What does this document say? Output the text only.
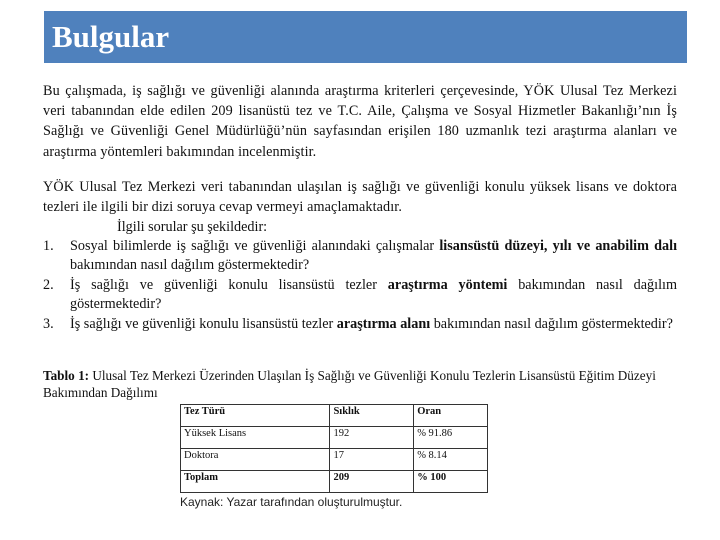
Bulgular

Bu çalışmada, iş sağlığı ve güvenliği alanında araştırma kriterleri çerçevesinde, YÖK Ulusal Tez Merkezi veri tabanından elde edilen 209 lisanüstü tez ve T.C. Aile, Çalışma ve Sosyal Hizmetler Bakanlığı’nın İş Sağlığı ve Güvenliği Genel Müdürlüğü’nün sayfasından erişilen 180 uzmanlık tezi araştırma alanları ve araştırma yöntemleri bakımından incelenmiştir.

YÖK Ulusal Tez Merkezi veri tabanından ulaşılan iş sağlığı ve güvenliği konulu yüksek lisans ve doktora tezleri ile ilgili bir dizi soruya cevap vermeyi amaçlamaktadır.

İlgili sorular şu şekildedir:

1. Sosyal bilimlerde iş sağlığı ve güvenliği alanındaki çalışmalar lisansüstü düzeyi, yılı ve anabilim dalı bakımından nasıl dağılım göstermektedir?
2. İş sağlığı ve güvenliği konulu lisansüstü tezler araştırma yöntemi bakımından nasıl dağılım göstermektedir?
3. İş sağlığı ve güvenliği konulu lisansüstü tezler araştırma alanı bakımından nasıl dağılım göstermektedir?

Tablo 1: Ulusal Tez Merkezi Üzerinden Ulaşılan İş Sağlığı ve Güvenliği Konulu Tezlerin Lisansüstü Eğitim Düzeyi Bakımından Dağılımı

Tez Türü	Sıklık	Oran
Yüksek Lisans	192	% 91.86
Doktora	17	% 8.14
Toplam	209	% 100

Kaynak: Yazar tarafından oluşturulmuştur.
